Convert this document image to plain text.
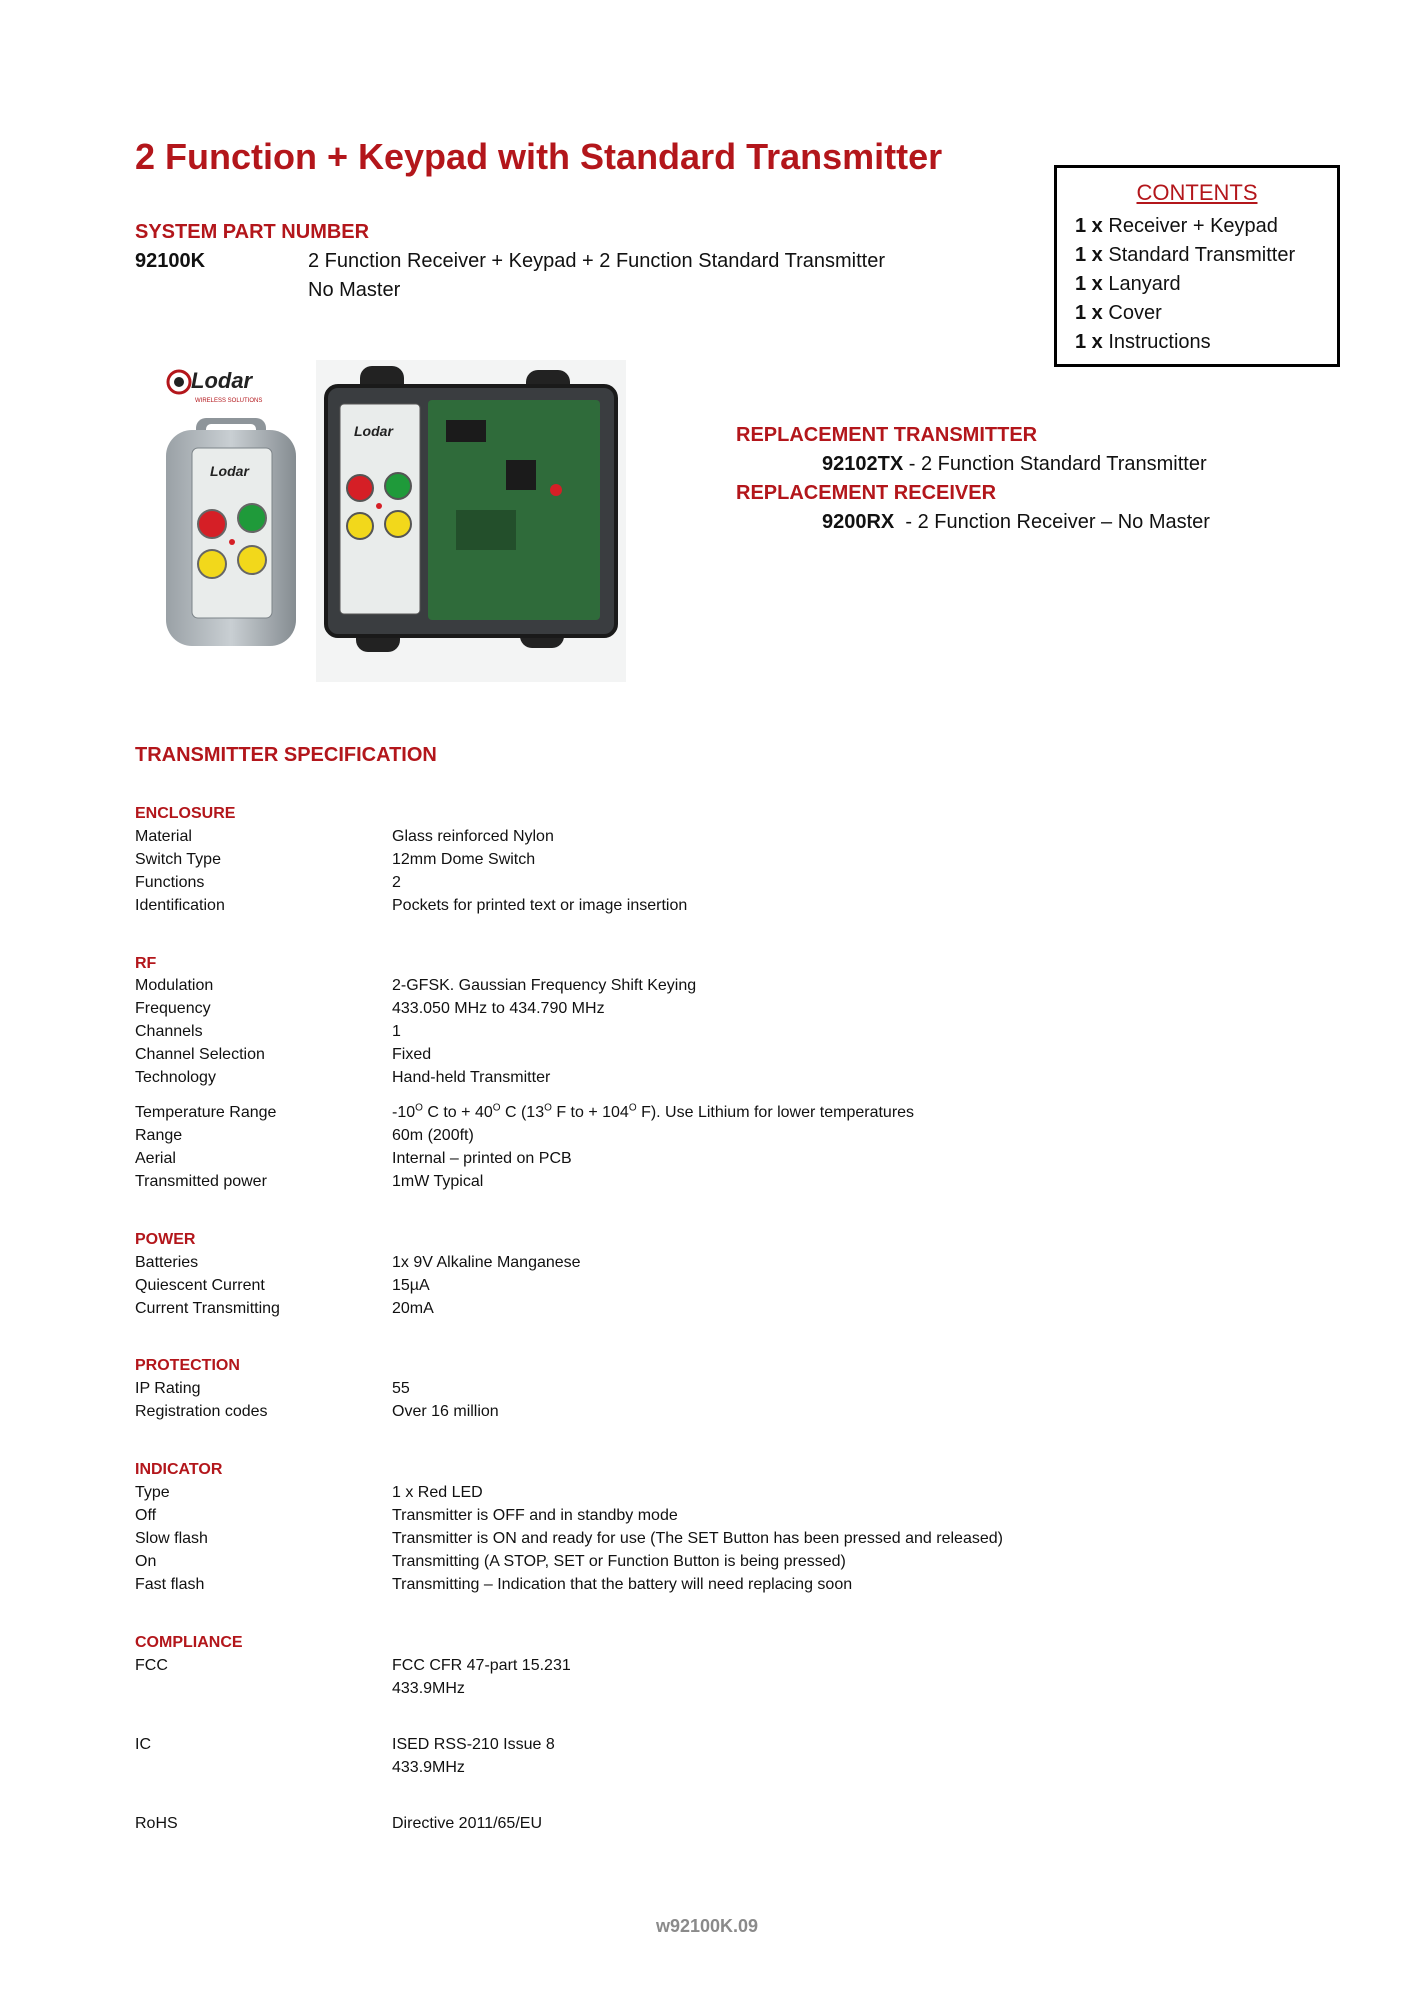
2 Function + Keypad with Standard Transmitter
SYSTEM PART NUMBER
92100K	2 Function Receiver + Keypad + 2 Function Standard Transmitter
No Master
CONTENTS
1 x Receiver + Keypad
1 x Standard Transmitter
1 x Lanyard
1 x Cover
1 x Instructions
Lodar
WIRELESS SOLUTIONS
Lodar
Lodar	REPLACEMENT TRANSMITTER
92102TX - 2 Function Standard Transmitter
REPLACEMENT RECEIVER
9200RX  - 2 Function Receiver – No Master
TRANSMITTER SPECIFICATION
ENCLOSURE
Material	Glass reinforced Nylon
Switch Type	12mm Dome Switch
Functions	2
Identification	Pockets for printed text or image insertion
RF
Modulation	2-GFSK. Gaussian Frequency Shift Keying
Frequency	433.050 MHz to 434.790 MHz
Channels	1
Channel Selection	Fixed
Technology	Hand-held Transmitter
Temperature Range	$-10^O$ C to + $40^O$ C ($13^O$ F to + $104^O$ F). Use Lithium for lower temperatures
Range	60m (200ft)
Aerial	Internal – printed on PCB
Transmitted power	1mW Typical
POWER
Batteries	1x 9V Alkaline Manganese
Quiescent Current	15µA
Current Transmitting	20mA
PROTECTION
IP Rating	55
Registration codes	Over 16 million
INDICATOR
Type	1 x Red LED
Off	Transmitter is OFF and in standby mode
Slow flash	Transmitter is ON and ready for use (The SET Button has been pressed and released)
On	Transmitting (A STOP, SET or Function Button is being pressed)
Fast flash	Transmitting – Indication that the battery will need replacing soon
COMPLIANCE
FCC	FCC CFR 47-part 15.231
433.9MHz
IC	ISED RSS-210 Issue 8
433.9MHz
RoHS	Directive 2011/65/EU
w92100K.09
